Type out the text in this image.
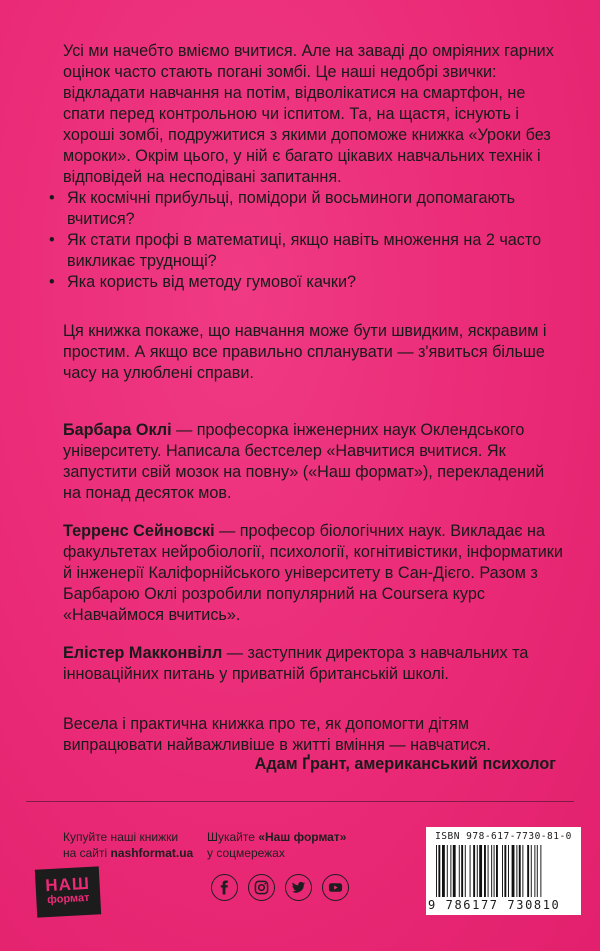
Усі ми начебто вміємо вчитися. Але на заваді до омріяних гарних оцінок часто стають погані зомбі. Це наші недобрі звички: відкладати навчання на потім, відволікатися на смартфон, не спати перед контрольною чи іспитом. Та, на щастя, існують і хороші зомбі, подружитися з якими допоможе книжка «Уроки без мороки». Окрім цього, у ній є багато цікавих навчальних технік і відповідей на несподівані запитання.

• Як космічні прибульці, помідори й восьминоги допомагають вчитися?
• Як стати профі в математиці, якщо навіть множення на 2 часто викликає труднощі?
• Яка користь від методу гумової качки?

Ця книжка покаже, що навчання може бути швидким, яскравим і простим. А якщо все правильно спланувати — з'явиться більше часу на улюблені справи.

Барбара Оклі — професорка інженерних наук Оклендського університету. Написала бестселер «Навчитися вчитися. Як запустити свій мозок на повну» («Наш формат»), перекладений на понад десяток мов.

Терренс Сейновскі — професор біологічних наук. Викладає на факультетах нейробіології, психології, когнітивістики, інформатики й інженерії Каліфорнійського університету в Сан-Дієго. Разом з Барбарою Оклі розробили популярний на Coursera курс «Навчаймося вчитись».

Елістер Макконвілл — заступник директора з навчальних та інноваційних питань у приватній британській школі.

Весела і практична книжка про те, як допомогти дітям випрацювати найважливіше в житті вміння — навчатися.

Адам Ґрант, американський психолог
Купуйте наші книжки
на сайті nashformat.ua
Шукайте «Наш формат»
у соцмережах
НАШ
формат
ISBN 978-617-7730-81-0
9 786177 730810
